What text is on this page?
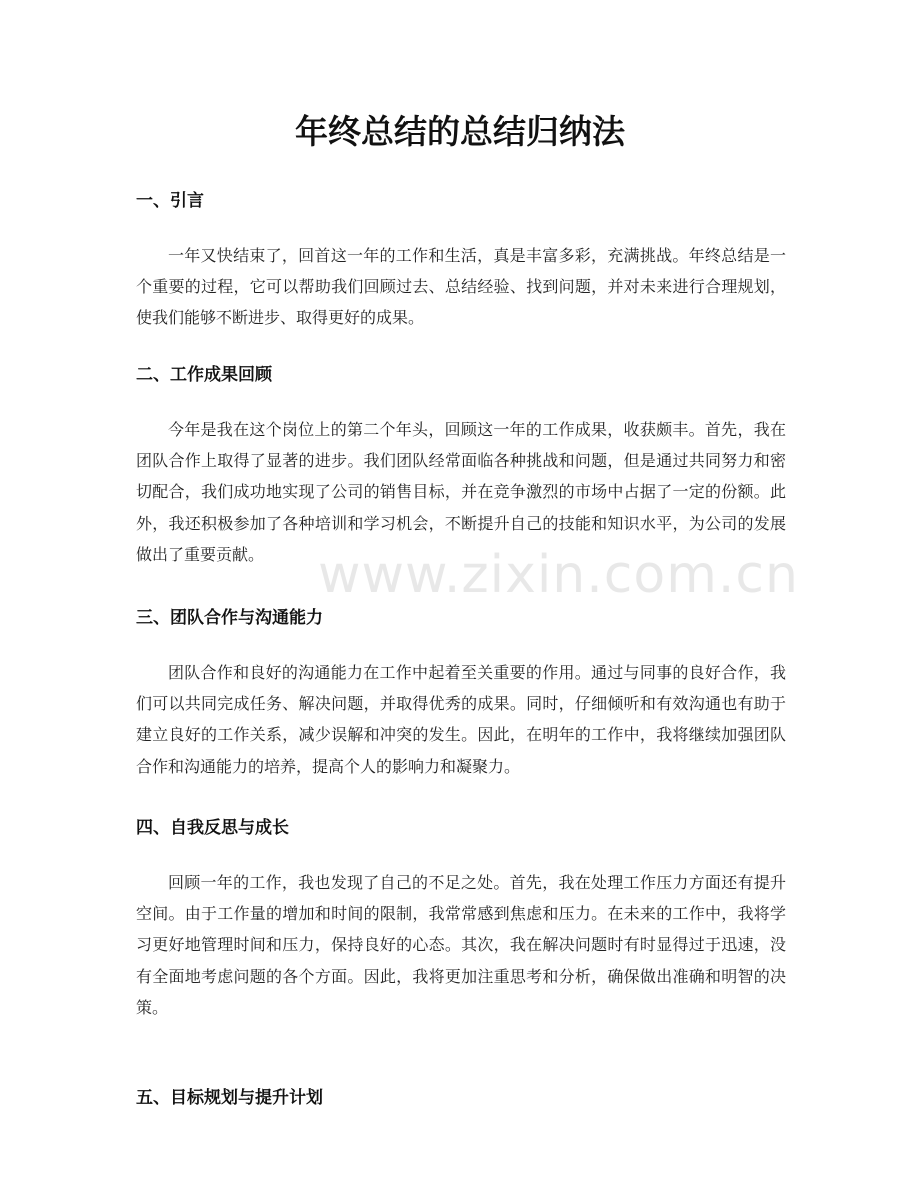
年终总结的总结归纳法
一、引言

一年又快结束了，回首这一年的工作和生活，真是丰富多彩，充满挑战。年终总结是一个重要的过程，它可以帮助我们回顾过去、总结经验、找到问题，并对未来进行合理规划，使我们能够不断进步、取得更好的成果。

二、工作成果回顾

今年是我在这个岗位上的第二个年头，回顾这一年的工作成果，收获颇丰。首先，我在团队合作上取得了显著的进步。我们团队经常面临各种挑战和问题，但是通过共同努力和密切配合，我们成功地实现了公司的销售目标，并在竞争激烈的市场中占据了一定的份额。此外，我还积极参加了各种培训和学习机会，不断提升自己的技能和知识水平，为公司的发展做出了重要贡献。

三、团队合作与沟通能力

团队合作和良好的沟通能力在工作中起着至关重要的作用。通过与同事的良好合作，我们可以共同完成任务、解决问题，并取得优秀的成果。同时，仔细倾听和有效沟通也有助于建立良好的工作关系，减少误解和冲突的发生。因此，在明年的工作中，我将继续加强团队合作和沟通能力的培养，提高个人的影响力和凝聚力。

四、自我反思与成长

回顾一年的工作，我也发现了自己的不足之处。首先，我在处理工作压力方面还有提升空间。由于工作量的增加和时间的限制，我常常感到焦虑和压力。在未来的工作中，我将学习更好地管理时间和压力，保持良好的心态。其次，我在解决问题时有时显得过于迅速，没有全面地考虑问题的各个方面。因此，我将更加注重思考和分析，确保做出准确和明智的决策。

五、目标规划与提升计划
www.zixin.com.cn
